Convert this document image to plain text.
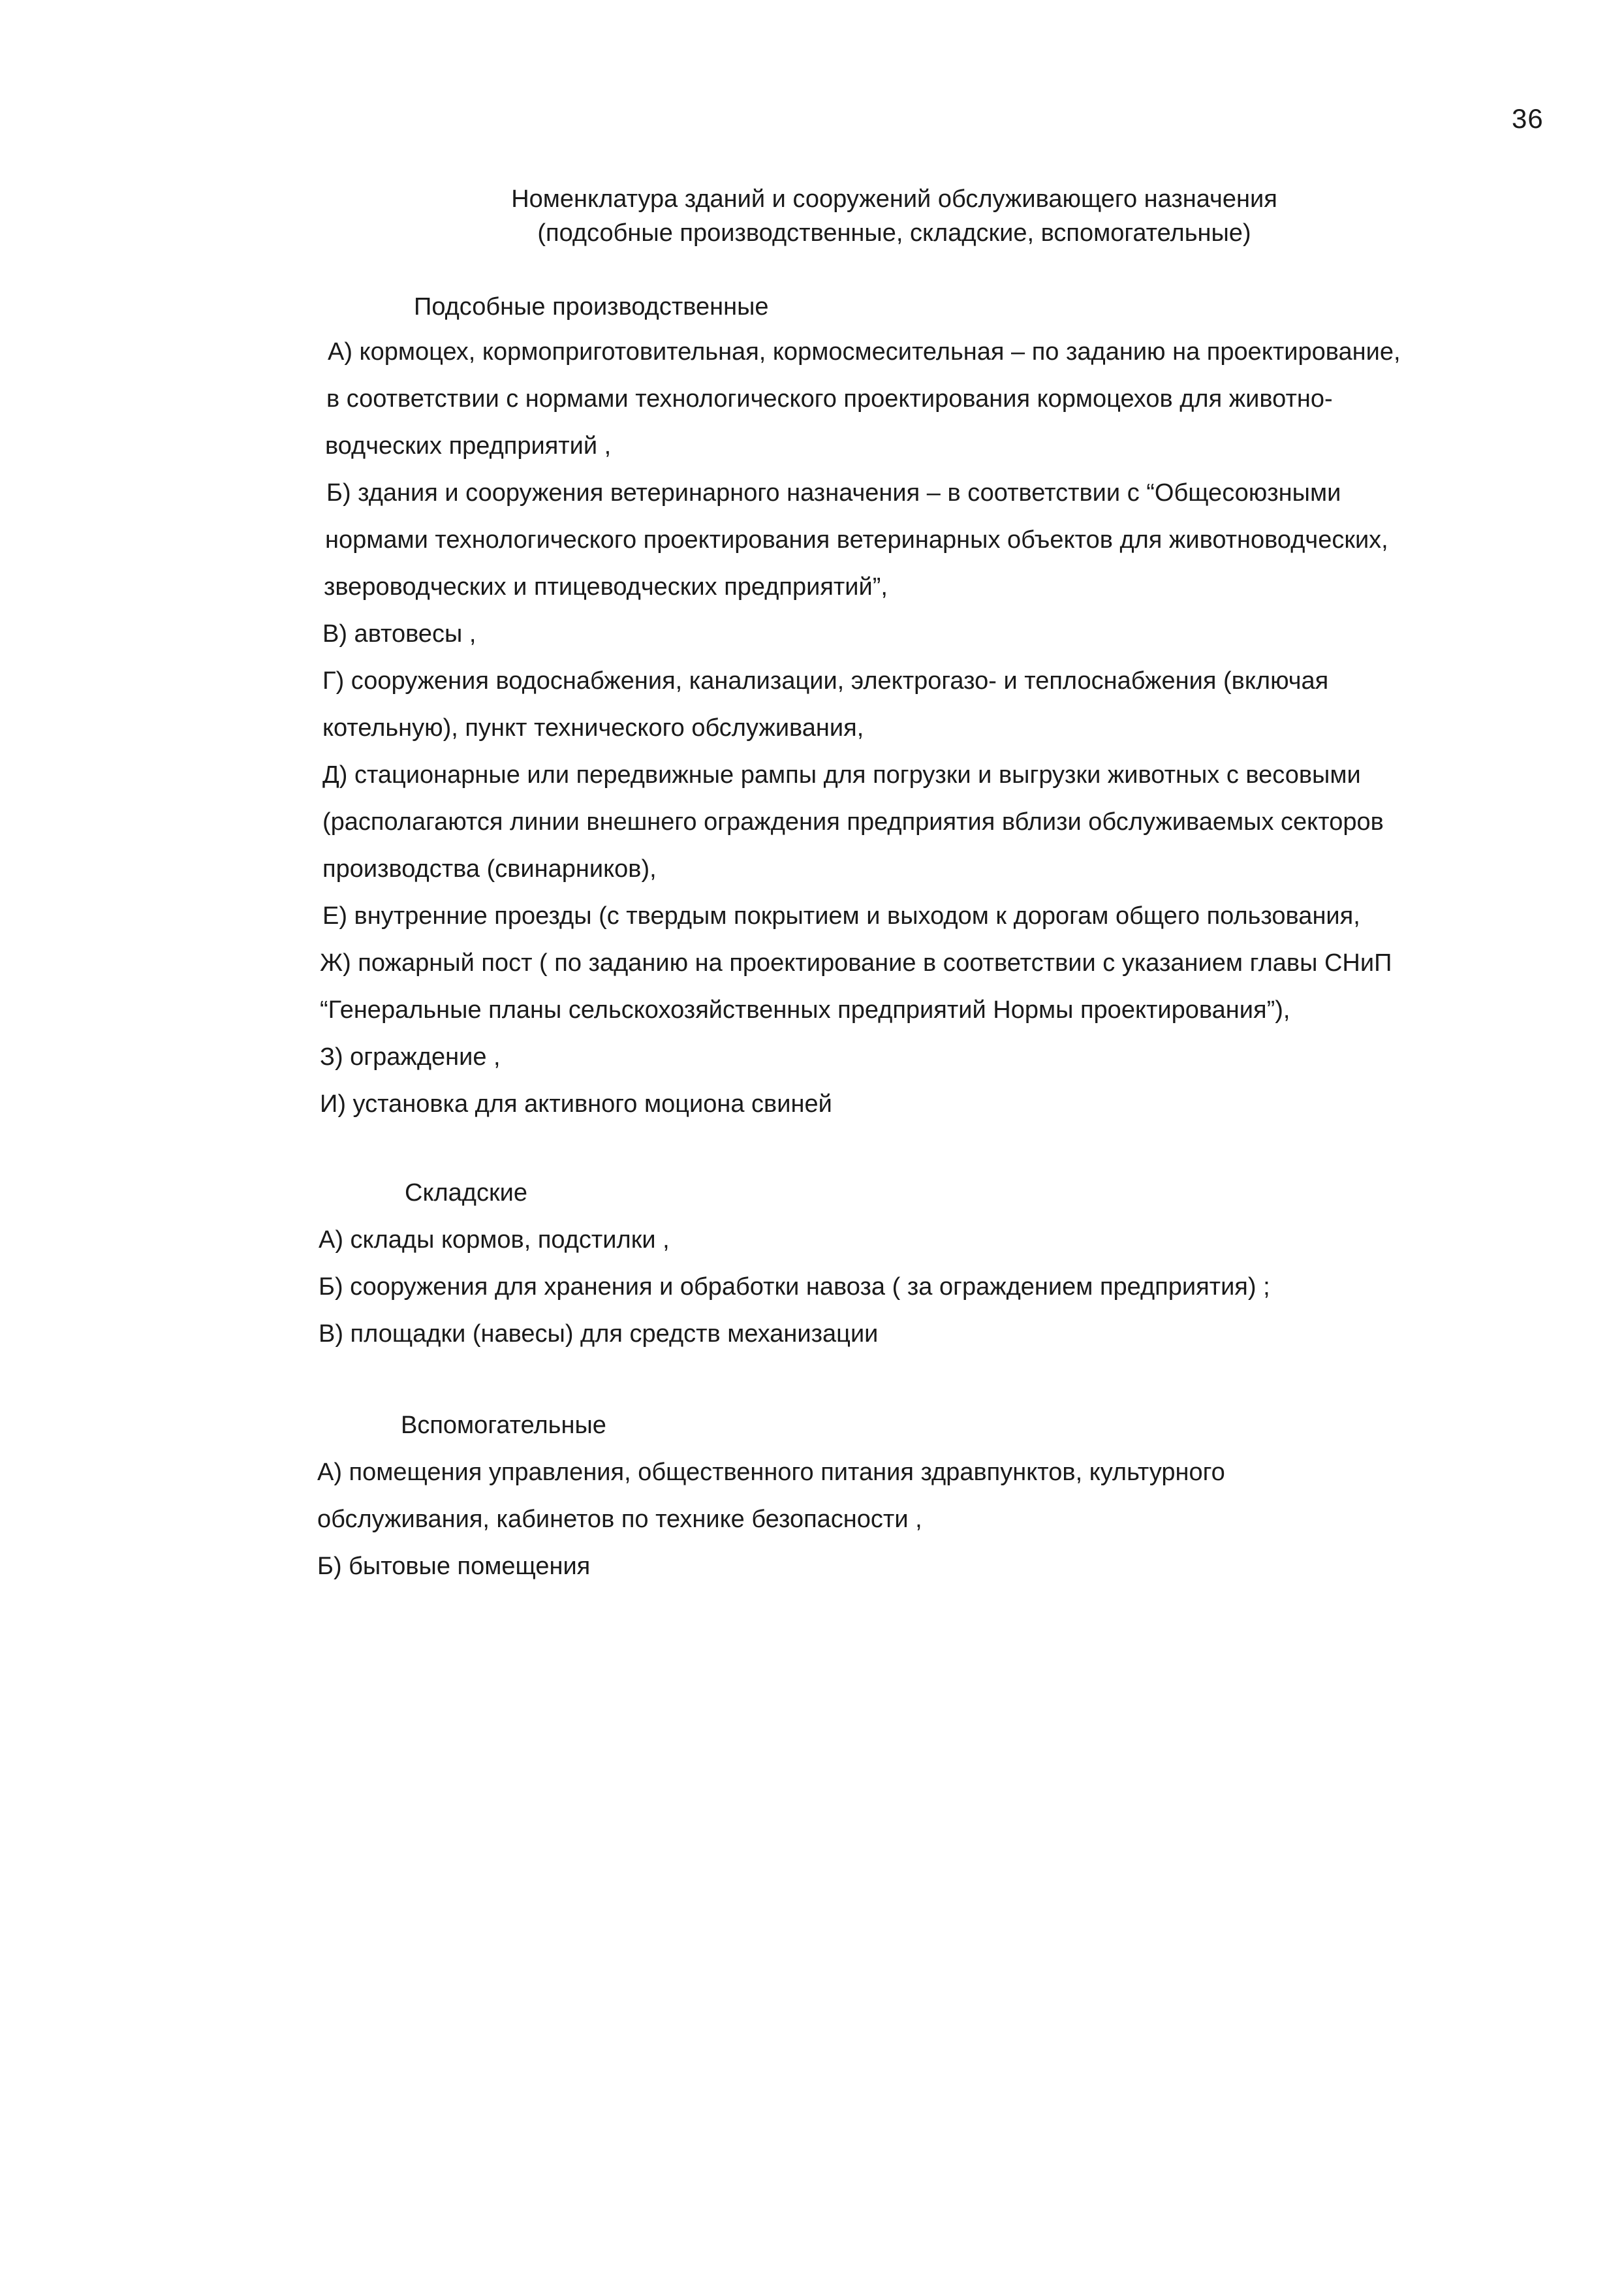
36
Номенклатура зданий и сооружений обслуживающего назначения
(подсобные производственные, складские, вспомогательные)
Подсобные производственные
А) кормоцех, кормоприготовительная, кормосмесительная – по заданию на проектирование,
в соответствии с нормами технологического проектирования кормоцехов для животно-
водческих предприятий ,
Б) здания и сооружения ветеринарного назначения – в соответствии с “Общесоюзными
нормами технологического проектирования ветеринарных объектов для животноводческих,
звероводческих и птицеводческих предприятий”,
В) автовесы ,
Г) сооружения водоснабжения, канализации, электрогазо- и теплоснабжения (включая
котельную), пункт технического обслуживания,
Д) стационарные или передвижные рампы для погрузки и выгрузки животных с весовыми
(располагаются линии внешнего ограждения предприятия вблизи обслуживаемых секторов
производства (свинарников),
Е) внутренние проезды (с твердым покрытием и выходом к дорогам общего пользования,
Ж) пожарный пост ( по заданию на проектирование в соответствии с указанием главы СНиП
“Генеральные планы сельскохозяйственных предприятий Нормы проектирования”),
З) ограждение ,
И) установка для активного моциона свиней
Складские
А) склады кормов, подстилки ,
Б) сооружения для хранения и обработки навоза ( за ограждением предприятия) ;
В) площадки (навесы) для средств механизации
Вспомогательные
А) помещения управления, общественного питания здравпунктов, культурного
обслуживания, кабинетов по технике безопасности ,
Б) бытовые помещения
